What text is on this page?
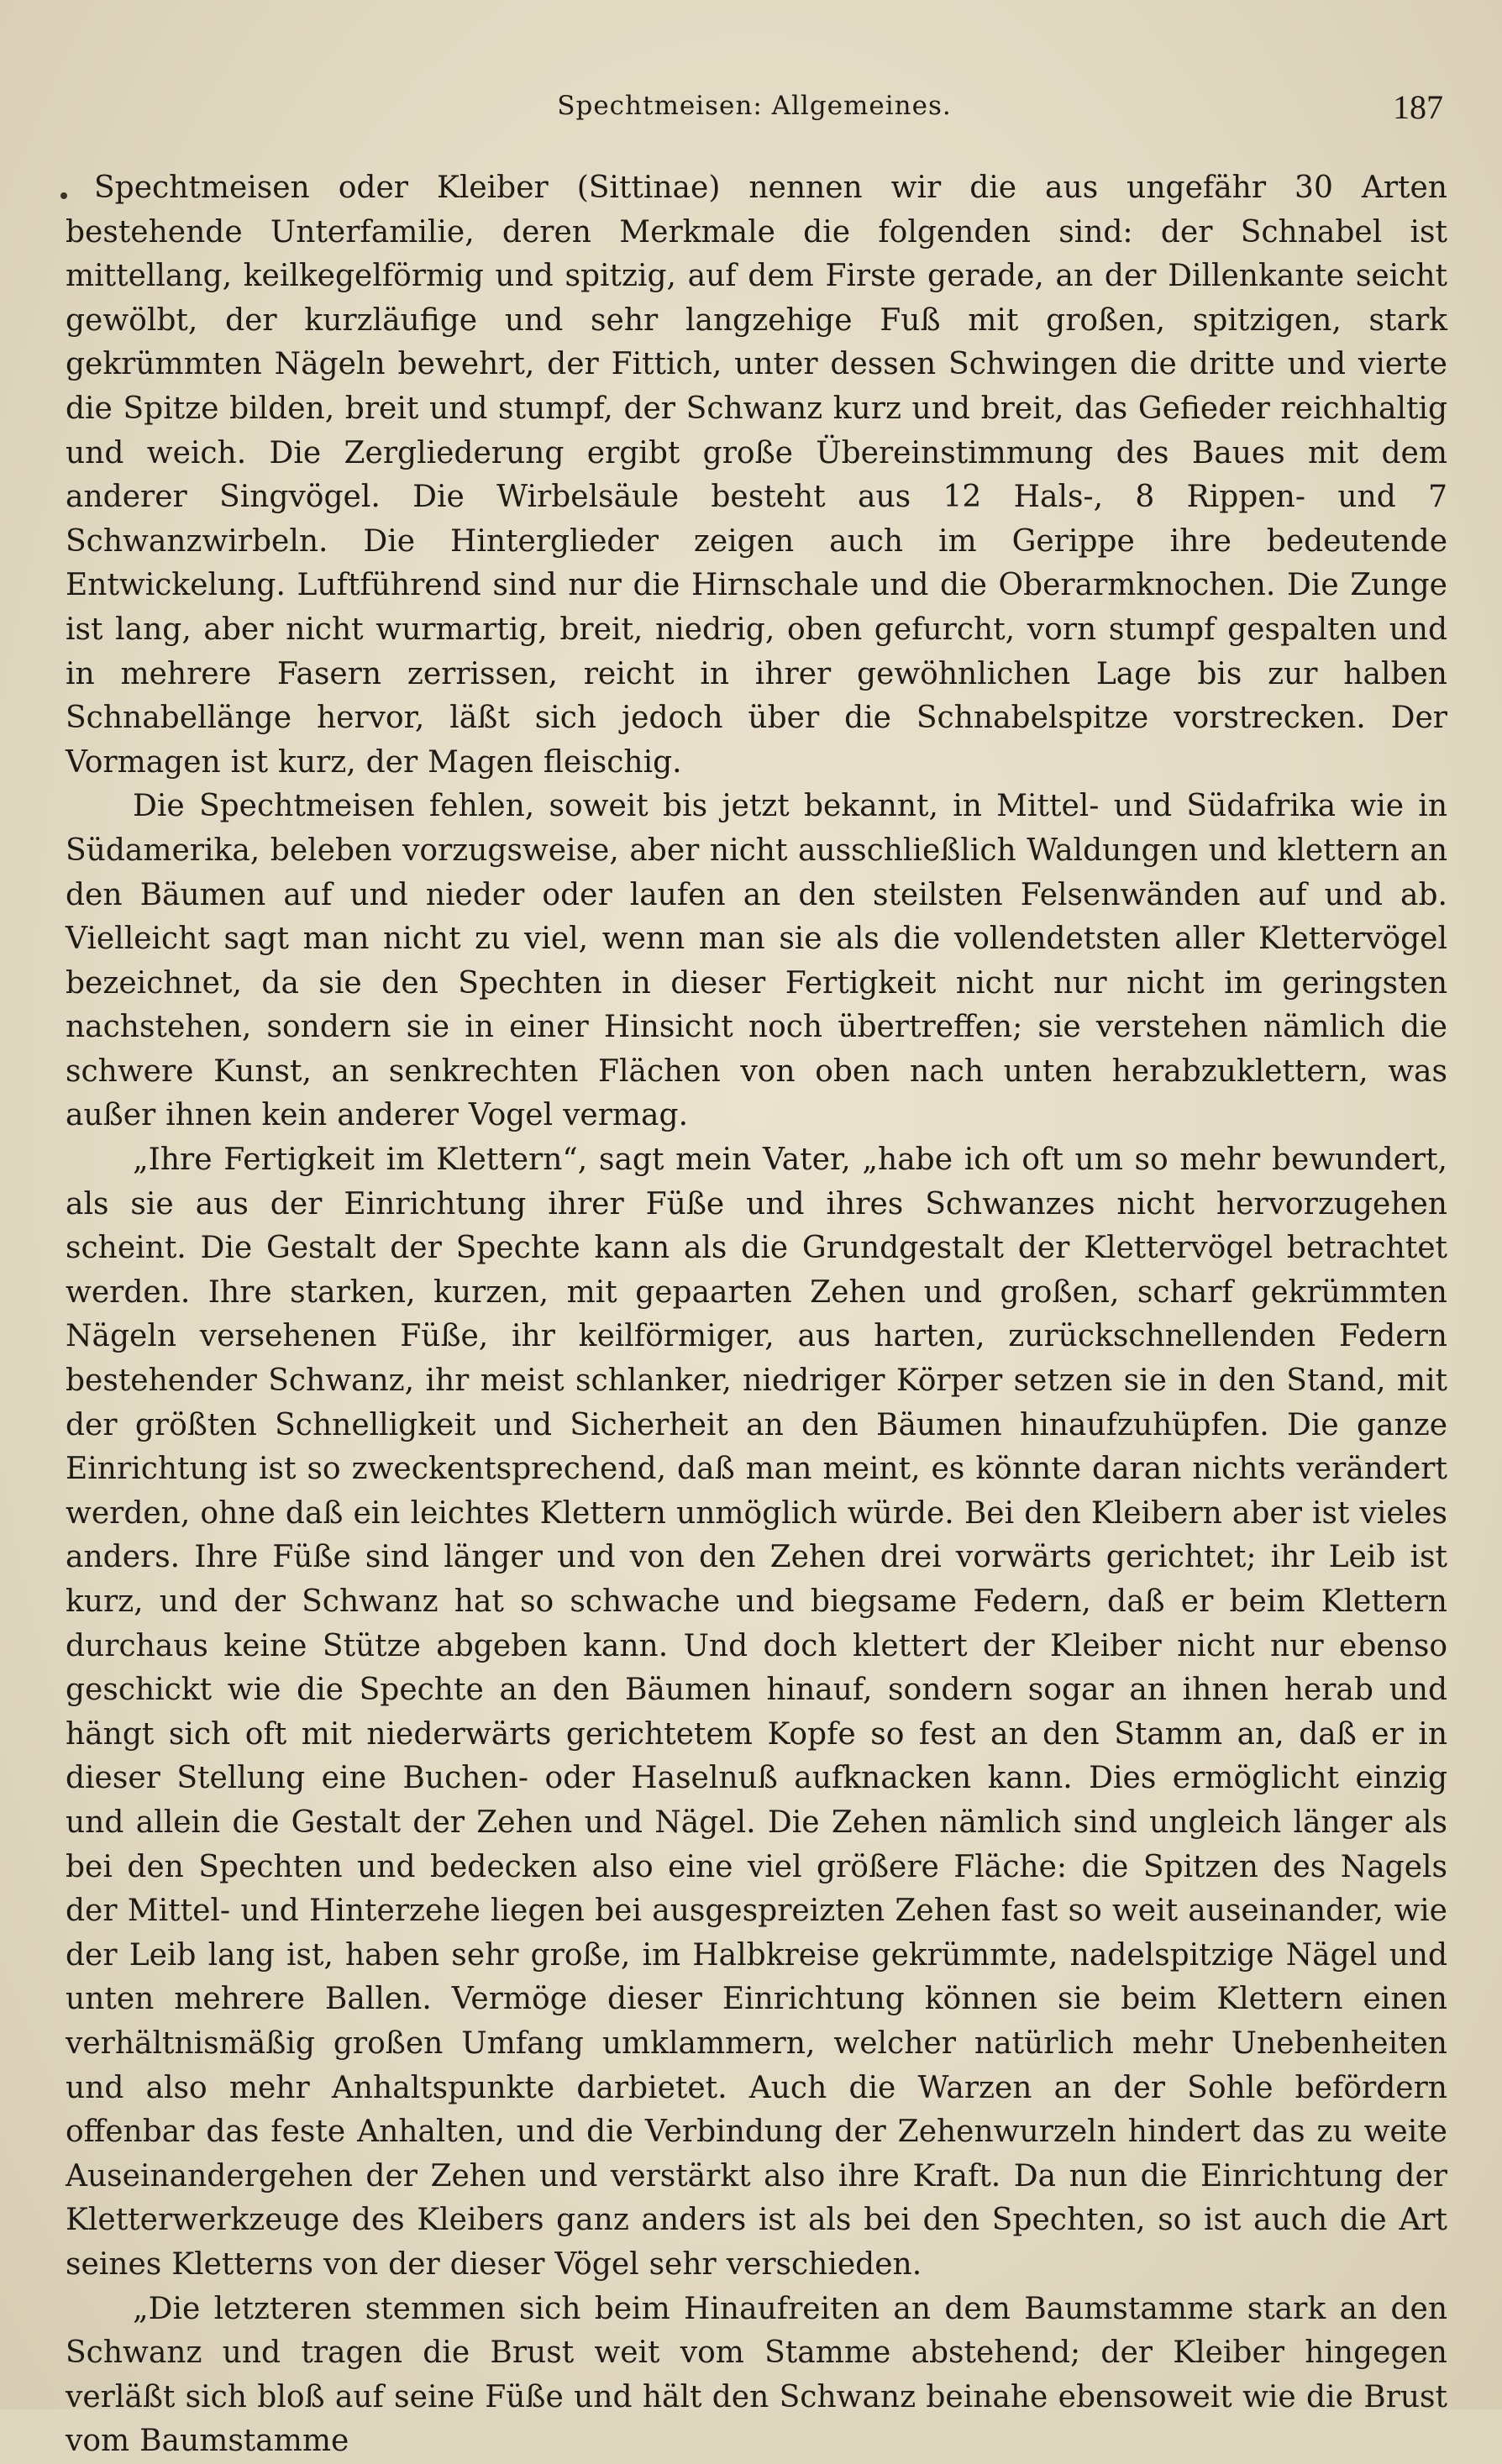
Spechtmeisen: Allgemeines.	187

Spechtmeisen oder Kleiber (Sittinae) nennen wir die aus ungefähr 30 Arten bestehende Unterfamilie, deren Merkmale die folgenden sind: der Schnabel ist mittellang, keilkegelförmig und spitzig, auf dem Firste gerade, an der Dillenkante seicht gewölbt, der kurzläufige und sehr langzehige Fuß mit großen, spitzigen, stark gekrümmten Nägeln bewehrt, der Fittich, unter dessen Schwingen die dritte und vierte die Spitze bilden, breit und stumpf, der Schwanz kurz und breit, das Gefieder reichhaltig und weich. Die Zergliederung ergibt große Übereinstimmung des Baues mit dem anderer Singvögel. Die Wirbelsäule besteht aus 12 Hals-, 8 Rippen- und 7 Schwanzwirbeln. Die Hinterglieder zeigen auch im Gerippe ihre bedeutende Entwickelung. Luftführend sind nur die Hirnschale und die Oberarmknochen. Die Zunge ist lang, aber nicht wurmartig, breit, niedrig, oben gefurcht, vorn stumpf gespalten und in mehrere Fasern zerrissen, reicht in ihrer gewöhnlichen Lage bis zur halben Schnabellänge hervor, läßt sich jedoch über die Schnabelspitze vorstrecken. Der Vormagen ist kurz, der Magen fleischig.

Die Spechtmeisen fehlen, soweit bis jetzt bekannt, in Mittel- und Südafrika wie in Südamerika, beleben vorzugsweise, aber nicht ausschließlich Waldungen und klettern an den Bäumen auf und nieder oder laufen an den steilsten Felsenwänden auf und ab. Vielleicht sagt man nicht zu viel, wenn man sie als die vollendetsten aller Klettervögel bezeichnet, da sie den Spechten in dieser Fertigkeit nicht nur nicht im geringsten nachstehen, sondern sie in einer Hinsicht noch übertreffen; sie verstehen nämlich die schwere Kunst, an senkrechten Flächen von oben nach unten herabzuklettern, was außer ihnen kein anderer Vogel vermag.

„Ihre Fertigkeit im Klettern“, sagt mein Vater, „habe ich oft um so mehr bewundert, als sie aus der Einrichtung ihrer Füße und ihres Schwanzes nicht hervorzugehen scheint. Die Gestalt der Spechte kann als die Grundgestalt der Klettervögel betrachtet werden. Ihre starken, kurzen, mit gepaarten Zehen und großen, scharf gekrümmten Nägeln versehenen Füße, ihr keilförmiger, aus harten, zurückschnellenden Federn bestehender Schwanz, ihr meist schlanker, niedriger Körper setzen sie in den Stand, mit der größten Schnelligkeit und Sicherheit an den Bäumen hinaufzuhüpfen. Die ganze Einrichtung ist so zweckentsprechend, daß man meint, es könnte daran nichts verändert werden, ohne daß ein leichtes Klettern unmöglich würde. Bei den Kleibern aber ist vieles anders. Ihre Füße sind länger und von den Zehen drei vorwärts gerichtet; ihr Leib ist kurz, und der Schwanz hat so schwache und biegsame Federn, daß er beim Klettern durchaus keine Stütze abgeben kann. Und doch klettert der Kleiber nicht nur ebenso geschickt wie die Spechte an den Bäumen hinauf, sondern sogar an ihnen herab und hängt sich oft mit niederwärts gerichtetem Kopfe so fest an den Stamm an, daß er in dieser Stellung eine Buchen- oder Haselnuß aufknacken kann. Dies ermöglicht einzig und allein die Gestalt der Zehen und Nägel. Die Zehen nämlich sind ungleich länger als bei den Spechten und bedecken also eine viel größere Fläche: die Spitzen des Nagels der Mittel- und Hinterzehe liegen bei ausgespreizten Zehen fast so weit auseinander, wie der Leib lang ist, haben sehr große, im Halbkreise gekrümmte, nadelspitzige Nägel und unten mehrere Ballen. Vermöge dieser Einrichtung können sie beim Klettern einen verhältnismäßig großen Umfang umklammern, welcher natürlich mehr Unebenheiten und also mehr Anhaltspunkte darbietet. Auch die Warzen an der Sohle befördern offenbar das feste Anhalten, und die Verbindung der Zehenwurzeln hindert das zu weite Auseinandergehen der Zehen und verstärkt also ihre Kraft. Da nun die Einrichtung der Kletterwerkzeuge des Kleibers ganz anders ist als bei den Spechten, so ist auch die Art seines Kletterns von der dieser Vögel sehr verschieden.

„Die letzteren stemmen sich beim Hinaufreiten an dem Baumstamme stark an den Schwanz und tragen die Brust weit vom Stamme abstehend; der Kleiber hingegen verläßt sich bloß auf seine Füße und hält den Schwanz beinahe ebensoweit wie die Brust vom Baumstamme
